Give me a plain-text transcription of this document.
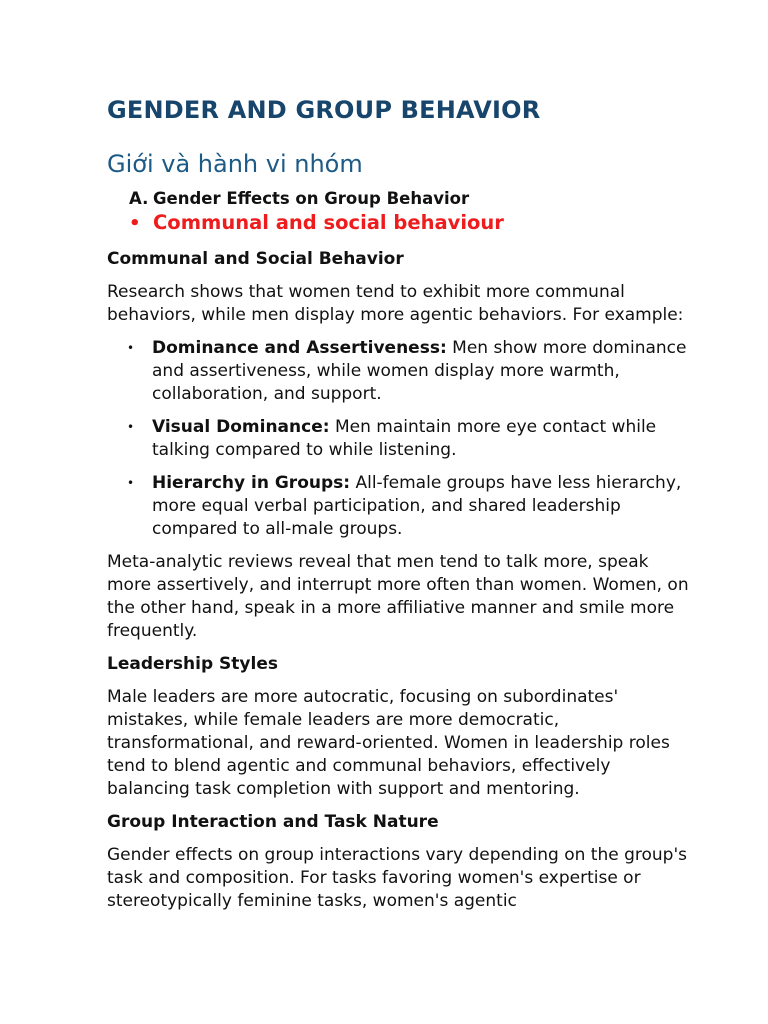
GENDER AND GROUP BEHAVIOR
Giới và hành vi nhóm
A. Gender Effects on Group Behavior
• Communal and social behaviour
Communal and Social Behavior

Research shows that women tend to exhibit more communal behaviors, while men display more agentic behaviors. For example:

• Dominance and Assertiveness: Men show more dominance and assertiveness, while women display more warmth, collaboration, and support.
• Visual Dominance: Men maintain more eye contact while talking compared to while listening.
• Hierarchy in Groups: All-female groups have less hierarchy, more equal verbal participation, and shared leadership compared to all-male groups.

Meta-analytic reviews reveal that men tend to talk more, speak more assertively, and interrupt more often than women. Women, on the other hand, speak in a more affiliative manner and smile more frequently.

Leadership Styles

Male leaders are more autocratic, focusing on subordinates' mistakes, while female leaders are more democratic, transformational, and reward-oriented. Women in leadership roles tend to blend agentic and communal behaviors, effectively balancing task completion with support and mentoring.

Group Interaction and Task Nature

Gender effects on group interactions vary depending on the group's task and composition. For tasks favoring women's expertise or stereotypically feminine tasks, women's agentic
